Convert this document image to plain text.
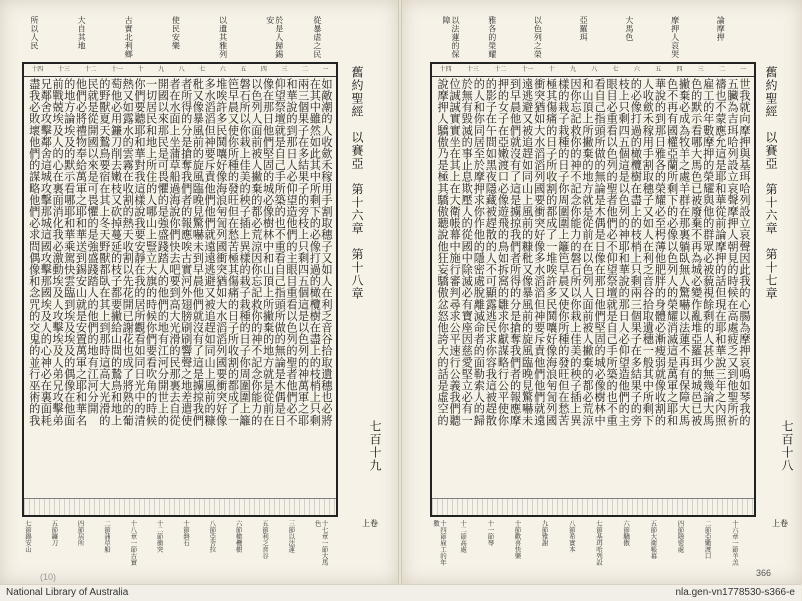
從暴虐之民
於是人歸錫安
以遺其雅列
使民安樂
古實北利鄉
大自其地
所以人民
一
二
三
四
五
六
七
八
九
十
十一
十二
十三
十四
如敵潮的人收歛禾稼用手割取穗子又如人在利乏音谷拾取遺穗也必將
在其中雖然如此其中所剩下的必像打過的橄欖樹在盡上的枝梢上只剩
兩三個果子在多結果子的旁枝上只剩四五個這是以色列的神萬軍之耶
和華說的到那日人必仰望造他們的主眼目重看以色列的聖者他們必不
仰望祭壇就是自己手所築的也不重看自己指頭所做的無論是木偶是日
像在那日他們堅固的城必像樹林中和山頂上所撇棄的地方就是從前在
以色列人面前被人撇棄的都必荒涼因你忘記救你的神不記念你能力的
磐石所以你栽上佳美的秧子插上異樣的栽子栽種的日子你周圍圍上籬
笆早晨又使你所種的發旺但在愁苦極其傷痛的日子所收割的都成了一
堆唉許多民鬨嚷好像海浪匉訇列國衝突猶如大水滔滔列國要衝突好像
多水滔滔但神要斥責他們他們就遠遠逃避又被追趕如同山上風前的糠
秕又像暴風前的旋風臨晚見驚嚇未到早晨他們就沒有了這是擄掠我們
者所得的分是搶奪我們者的報應唉古實河外翅膀刷刷響聲之地差遣使
者在水面上坐蒲草船過海說你們快去吧要到高大光滑的民那裏去自從
開國以來那民是可畏懼的是強盛踐踏人的他們的地有江河分開世上的
一切居民和地上所住的人哪山上豎立大旗的時候你們要看吹角的時候
你們要聽耶和華對我這樣說我要安靜在我的居所觀看如同日光中的清
熱又如露水的雲霧在收割的熱天收割以先花開已謝花也成了將熟的葡
萄他必用鐮刀削去嫩枝又砍掉蔓延的枝子都要撇給山間的鷙鳥和地上
的野獸夏天鷙鳥要宿在其上冬天野獸都臥在其上到那時這高大光滑的
民就是從開國以來是可畏懼的是強盛踐踏人的他們的地有江河分開
他們必將禮物奉給萬軍之耶和華送到錫安山就是安置萬軍之耶和華名
的地方論埃及的默示看哪耶和華乘駕快雲臨到埃及埃及的偶像在他面
前戰兢埃及人的心在裏面消化我必激動埃及人攻擊埃及人弟兄攻擊弟
兄鄰舍攻擊鄰舍這城攻擊那城這國攻擊那國埃及人的心神必在裏面耗
盡我必敗壞他們的謀略他們必求問偶像和念咒的交鬼的並行巫術的我	舊約聖經　以賽亞　第十六章　第十八章
七百十九
上卷
十七章一節大馬色
三節以法蓮
五節利乏音谷
六節橄欖樹
八節亞舍拉
十節磐石
十二節衝突
十八章一節古實
二節蒲草船
四節居所
五節鐮刀
七節錫安山
論摩押
摩押人哀哭
大馬色
亞羅珥
以色列之榮
雅各的榮耀
以法蓮的保障
一
二
三
四
五
六
七
八
九
十
十一
十二
十三
十四
世我就向摩押與基珥哈列設立哀聲因此我的心腸為摩押哀鳴如琴我的
五臟為吉珥哈列設立哀聲摩押人朝見的時候在高處疲乏又到他聖所祈
禱也不蒙應允這是耶和華從前論摩押的話但現在耶和華說三年之內照
雇工的年數摩押的榮耀與他的群眾必被藐視餘剩的人甚少無幾論大馬
色的默示看哪大馬色已被廢棄不再為城必變作亂堆亞羅珥的城邑已被
撇棄必成為牧羊之處羊群在那裏躺臥無人驚嚇以法蓮不再有保障大馬
色不再有國權亞蘭所剩下的必像以色列人的榮耀消滅這是萬軍之耶和
華說的到那日雅各的榮耀必至枵薄他肥胖的身體必漸瘦弱就像收割的
人收歛禾稼用手割取穗子又如人在利乏音谷拾取遺穗一般其中所剩下
的必像打過的橄欖樹在盡上的枝梢上只剩兩三個果子在多結果子的旁
枝上只剩四五個這是以色列的神耶和華說的那日人必仰望造他們的主
眼目必重看以色列的聖者他們必不仰望祭壇就是自己手所築的也不重
看自己指頭所做的無論是木偶是日像在那日他們堅固的城必像樹林中
和山頂上所撇棄的地方就是從前在以色列人面前被人撇棄的都必荒涼
因你忘記救你的神不記念你能力的磐石所以你栽上佳美的秧子插上異
樣的栽子栽種的日子你周圍圍上籬笆早晨又使你所種的發旺但在愁苦
極其傷痛的日子所收割的都成了一堆唉許多民鬨嚷好像海浪匉訇列國
衝突猶如大水滔滔列國要衝突好像多水滔滔但神要斥責他們他們就遠
遠逃避又被追趕如同山上風前的糠秕又像暴風前的旋風臨晚見驚嚇未
到早晨他們就沒有了這是擄掠我們者所得的分是搶奪我們者的報應摩
押的女子在亞嫩渡口必像遊飛的鳥如拆窩的雛求你獻謀略行公平使你
的影子在午間如黑夜隱藏被趕散的人不可顯露逃民求你容我這被趕散
的人和你同居至於摩押求你作他的隱密處脫離滅命者的面勒索人的歸
於無有毀滅的事止息欺壓人的從國中除滅必有寶座因慈愛堅立必有一
位誠誠實實坐在其上在大衛帳幕中施行審判尋求公平速行公義我們聽
說摩押人驕傲乃是極其驕傲聽說他狂妄驕傲忿怒他誇大的話是虛空的	舊約聖經　以賽亞　第十六章　第十七章
七百十八
上卷
十六章一節羊羔
二節亞嫩渡口
四節隱密處
五節大衛帳幕
六節驕傲
七節基珥哈列設
八節希實本
九節雅謝
十節歡喜快樂
十一節琴
十二節高處
十四節雇工的年數
(10)	366
National Library of Australia	nla.gen-vn1778530-s366-e
